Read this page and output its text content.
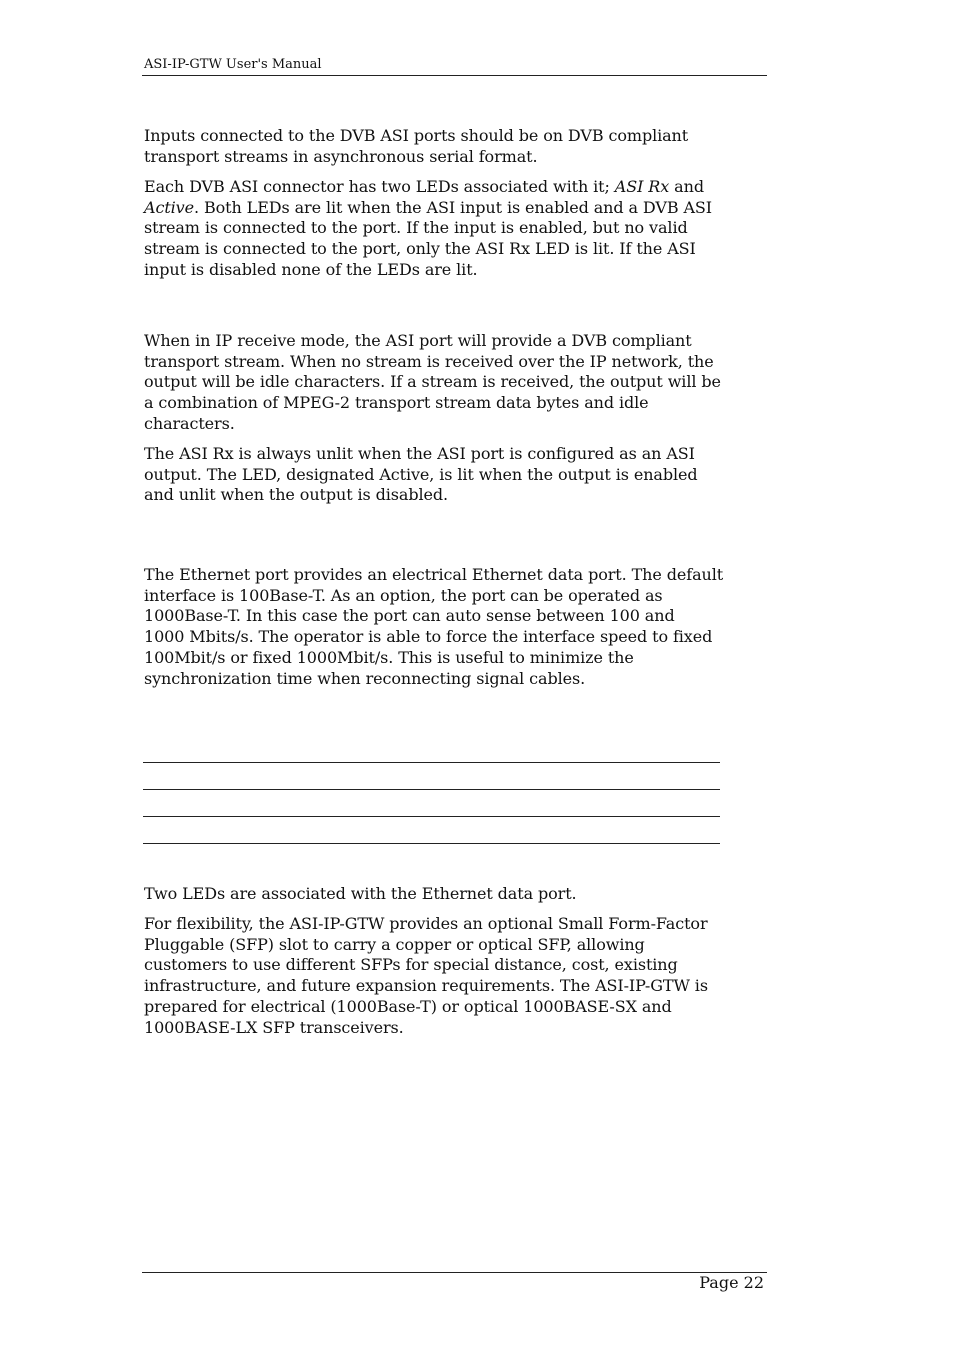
ASI-IP-GTW User's Manual
Inputs connected to the DVB ASI ports should be on DVB compliant
transport streams in asynchronous serial format.
Each DVB ASI connector has two LEDs associated with it; ASI Rx and
Active. Both LEDs are lit when the ASI input is enabled and a DVB ASI
stream is connected to the port. If the input is enabled, but no valid
stream is connected to the port, only the ASI Rx LED is lit. If the ASI
input is disabled none of the LEDs are lit.
When in IP receive mode, the ASI port will provide a DVB compliant
transport stream. When no stream is received over the IP network, the
output will be idle characters. If a stream is received, the output will be
a combination of MPEG-2 transport stream data bytes and idle
characters.
The ASI Rx is always unlit when the ASI port is configured as an ASI
output. The LED, designated Active, is lit when the output is enabled
and unlit when the output is disabled.
The Ethernet port provides an electrical Ethernet data port. The default
interface is 100Base-T. As an option, the port can be operated as
1000Base-T. In this case the port can auto sense between 100 and
1000 Mbits/s. The operator is able to force the interface speed to fixed
100Mbit/s or fixed 1000Mbit/s. This is useful to minimize the
synchronization time when reconnecting signal cables.
Two LEDs are associated with the Ethernet data port.
For flexibility, the ASI-IP-GTW provides an optional Small Form-Factor
Pluggable (SFP) slot to carry a copper or optical SFP, allowing
customers to use different SFPs for special distance, cost, existing
infrastructure, and future expansion requirements. The ASI-IP-GTW is
prepared for electrical (1000Base-T) or optical 1000BASE-SX and
1000BASE-LX SFP transceivers.
Page 22
